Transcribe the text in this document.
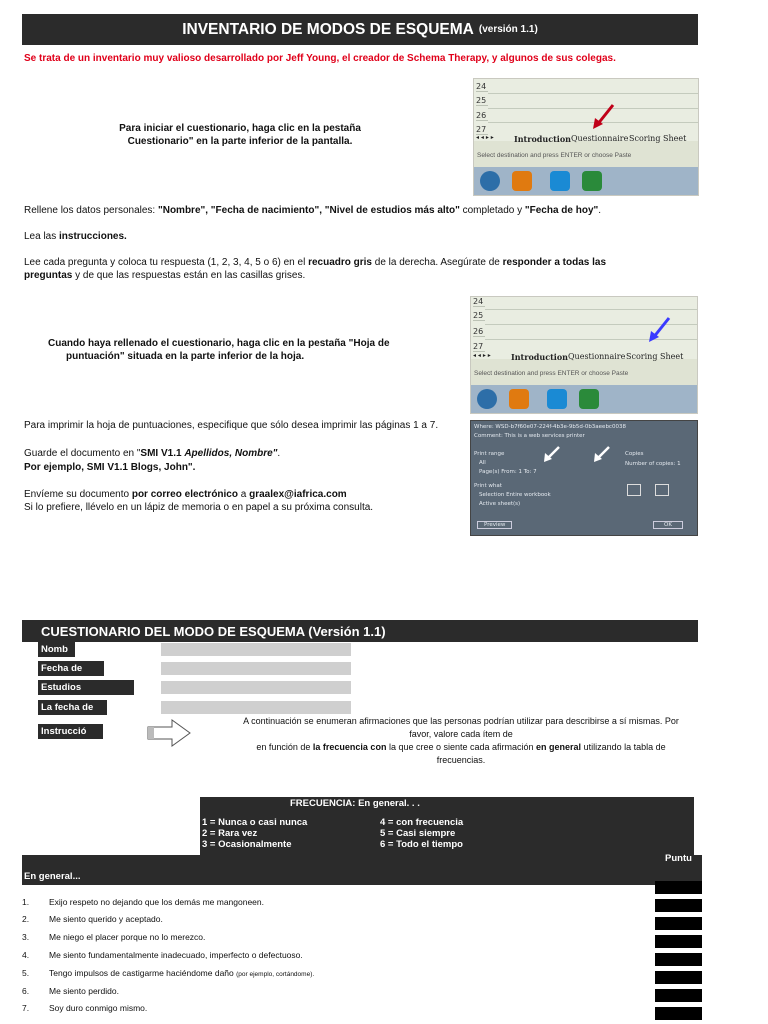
INVENTARIO DE MODOS DE ESQUEMA (versión 1.1)
Se trata de un inventario muy valioso desarrollado por Jeff Young, el creador de Schema Therapy, y algunos de sus colegas.
Para iniciar el cuestionario, haga clic en la pestaña
Cuestionario" en la parte inferior de la pantalla.
24
25
26
27
◂ ◂ ▸ ▸	Introduction Questionnaire Scoring Sheet
Select destination and press ENTER or choose Paste
Rellene los datos personales: "Nombre", "Fecha de nacimiento", "Nivel de estudios más alto" completado y "Fecha de hoy".
Lea las instrucciones.
Lee cada pregunta y coloca tu respuesta (1, 2, 3, 4, 5 o 6) en el recuadro gris de la derecha. Asegúrate de responder a todas las
preguntas y de que las respuestas están en las casillas grises.
Cuando haya rellenado el cuestionario, haga clic en la pestaña "Hoja de
puntuación" situada en la parte inferior de la hoja.
24
25
26
27
◂ ◂ ▸ ▸	Introduction Questionnaire Scoring Sheet
Select destination and press ENTER or choose Paste
Para imprimir la hoja de puntuaciones, especifique que sólo desea imprimir las páginas 1 a 7.	Where: WSD-b7f60e07-224f-4b3e-9b5d-0b3aeebc0038
Comment: This is a web services printer
Print range
All
Page(s) From: 1 To: 7
Print what
Selection Entire workbook
Active sheet(s)
Copies
Number of copies: 1
Preview	OK
Guarde el documento en "SMI V1.1 Apellidos, Nombre".
Por ejemplo, SMI V1.1 Blogs, John".
Envíeme su documento por correo electrónico a graalex@iafrica.com
Si lo prefiere, llévelo en un lápiz de memoria o en papel a su próxima consulta.
CUESTIONARIO DEL MODO DE ESQUEMA (Versión 1.1)
Nomb
Fecha de
Estudios
La fecha de
Instrucció
A continuación se enumeran afirmaciones que las personas podrían utilizar para describirse a sí mismas. Por
favor, valore cada ítem de
en función de la frecuencia con la que cree o siente cada afirmación en general utilizando la tabla de
frecuencias.
FRECUENCIA: En general. . .
1 = Nunca o casi nunca
2 = Rara vez
3 = Ocasionalmente
4 = con frecuencia
5 = Casi siempre
6 = Todo el tiempo
En general...
Puntu
1. Exijo respeto no dejando que los demás me mangoneen.
2. Me siento querido y aceptado.
3. Me niego el placer porque no lo merezco.
4. Me siento fundamentalmente inadecuado, imperfecto o defectuoso.
5. Tengo impulsos de castigarme haciéndome daño (por ejemplo, cortándome).
6. Me siento perdido.
7. Soy duro conmigo mismo.
